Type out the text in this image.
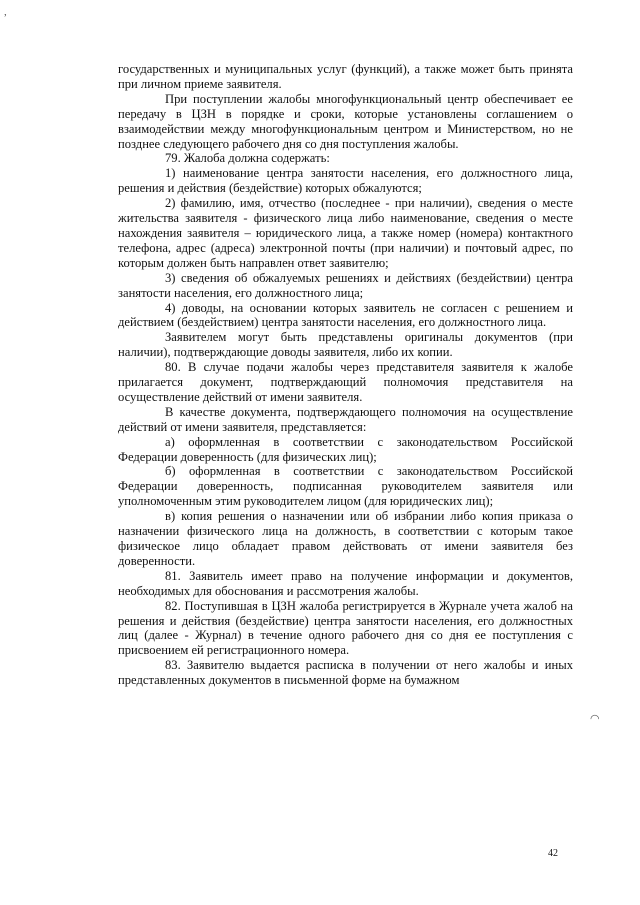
,
◠

государственных и муниципальных услуг (функций), а также может быть принята при личном приеме заявителя.

При поступлении жалобы многофункциональный центр обеспечивает ее передачу в ЦЗН в порядке и сроки, которые установлены соглашением о взаимодействии между многофункциональным центром и Министерством, но не позднее следующего рабочего дня со дня поступления жалобы.

79. Жалоба должна содержать:

1) наименование центра занятости населения, его должностного лица, решения и действия (бездействие) которых обжалуются;

2) фамилию, имя, отчество (последнее - при наличии), сведения о месте жительства заявителя - физического лица либо наименование, сведения о месте нахождения заявителя – юридического лица, а также номер (номера) контактного телефона, адрес (адреса) электронной почты (при наличии) и почтовый адрес, по которым должен быть направлен ответ заявителю;

3) сведения об обжалуемых решениях и действиях (бездействии) центра занятости населения, его должностного лица;

4) доводы, на основании которых заявитель не согласен с решением и действием (бездействием) центра занятости населения, его должностного лица.

Заявителем могут быть представлены оригиналы документов (при наличии), подтверждающие доводы заявителя, либо их копии.

80. В случае подачи жалобы через представителя заявителя к жалобе прилагается документ, подтверждающий полномочия представителя на осуществление действий от имени заявителя.

В качестве документа, подтверждающего полномочия на осуществление действий от имени заявителя, представляется:

а) оформленная в соответствии с законодательством Российской Федерации доверенность (для физических лиц);

б) оформленная в соответствии с законодательством Российской Федерации доверенность, подписанная руководителем заявителя или уполномоченным этим руководителем лицом (для юридических лиц);

в) копия решения о назначении или об избрании либо копия приказа о назначении физического лица на должность, в соответствии с которым такое физическое лицо обладает правом действовать от имени заявителя без доверенности.

81. Заявитель имеет право на получение информации и документов, необходимых для обоснования и рассмотрения жалобы.

82. Поступившая в ЦЗН жалоба регистрируется в Журнале учета жалоб на решения и действия (бездействие) центра занятости населения, его должностных лиц (далее - Журнал) в течение одного рабочего дня со дня ее поступления с присвоением ей регистрационного номера.

83. Заявителю выдается расписка в получении от него жалобы и иных представленных документов в письменной форме на бумажном

42
